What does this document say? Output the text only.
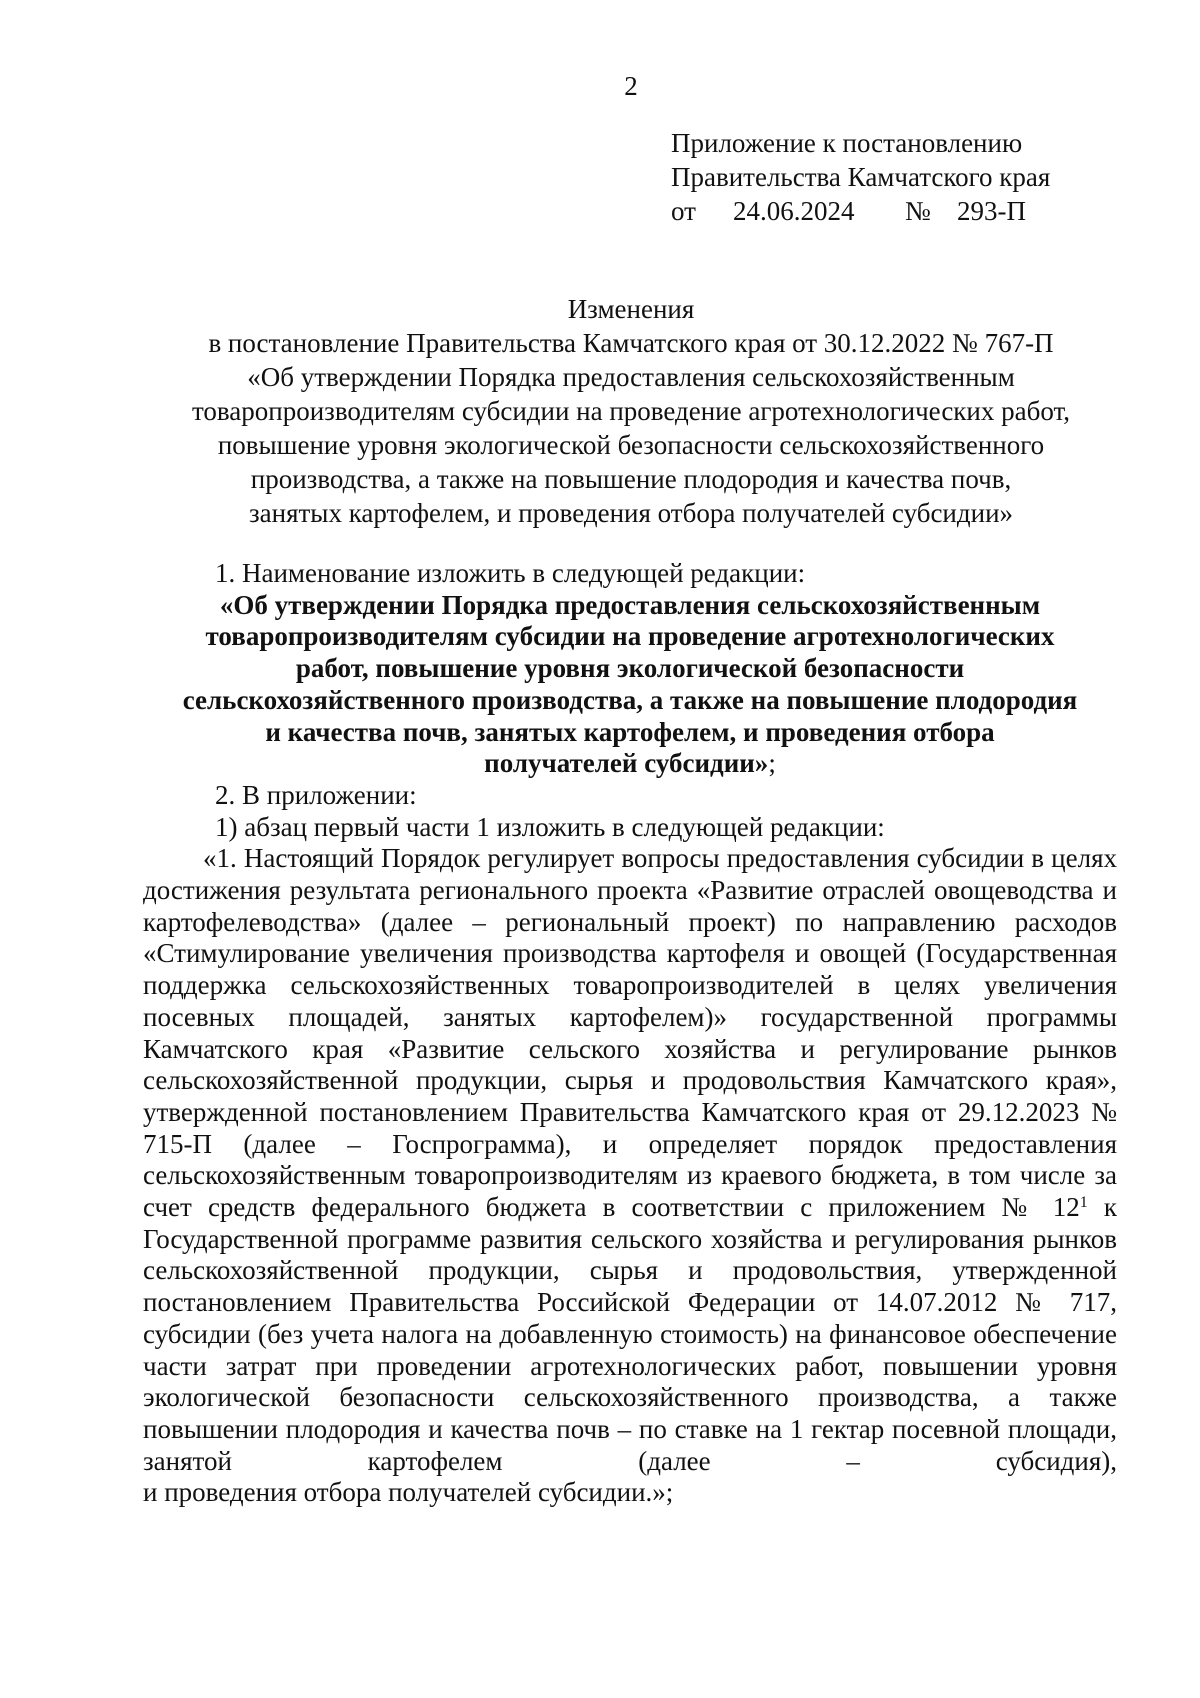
2
Приложение к постановлению
Правительства Камчатского края
от	24.06.2024	№ 293-П
Изменения
в постановление Правительства Камчатского края от 30.12.2022 № 767-П
«Об утверждении Порядка предоставления сельскохозяйственным
товаропроизводителям субсидии на проведение агротехнологических работ,
повышение уровня экологической безопасности сельскохозяйственного
производства, а также на повышение плодородия и качества почв,
занятых картофелем, и проведения отбора получателей субсидии»
1. Наименование изложить в следующей редакции:
«Об утверждении Порядка предоставления сельскохозяйственным
товаропроизводителям субсидии на проведение агротехнологических
работ, повышение уровня экологической безопасности
сельскохозяйственного производства, а также на повышение плодородия
и качества почв, занятых картофелем, и проведения отбора
получателей субсидии»;
2. В приложении:
1) абзац первый части 1 изложить в следующей редакции:
«1. Настоящий Порядок регулирует вопросы предоставления субсидии в целях достижения результата регионального проекта «Развитие отраслей овощеводства и картофелеводства» (далее – региональный проект) по направлению расходов «Стимулирование увеличения производства картофеля и овощей (Государственная поддержка сельскохозяйственных товаропроизводителей в целях увеличения посевных площадей, занятых картофелем)» государственной программы Камчатского края «Развитие сельского хозяйства и регулирование рынков сельскохозяйственной продукции, сырья и продовольствия Камчатского края», утвержденной постановлением Правительства Камчатского края от 29.12.2023 № 715-П (далее – Госпрограмма), и определяет порядок предоставления сельскохозяйственным товаропроизводителям из краевого бюджета, в том числе за счет средств федерального бюджета в соответствии с приложением № $12^1$ к Государственной программе развития сельского хозяйства и регулирования рынков сельскохозяйственной продукции, сырья и продовольствия, утвержденной постановлением Правительства Российской Федерации от 14.07.2012 № 717, субсидии (без учета налога на добавленную стоимость) на финансовое обеспечение части затрат при проведении агротехнологических работ, повышении уровня экологической безопасности сельскохозяйственного производства, а также повышении плодородия и качества почв – по ставке на 1 гектар посевной площади, занятой картофелем (далее – субсидия),
и проведения отбора получателей субсидии.»;
